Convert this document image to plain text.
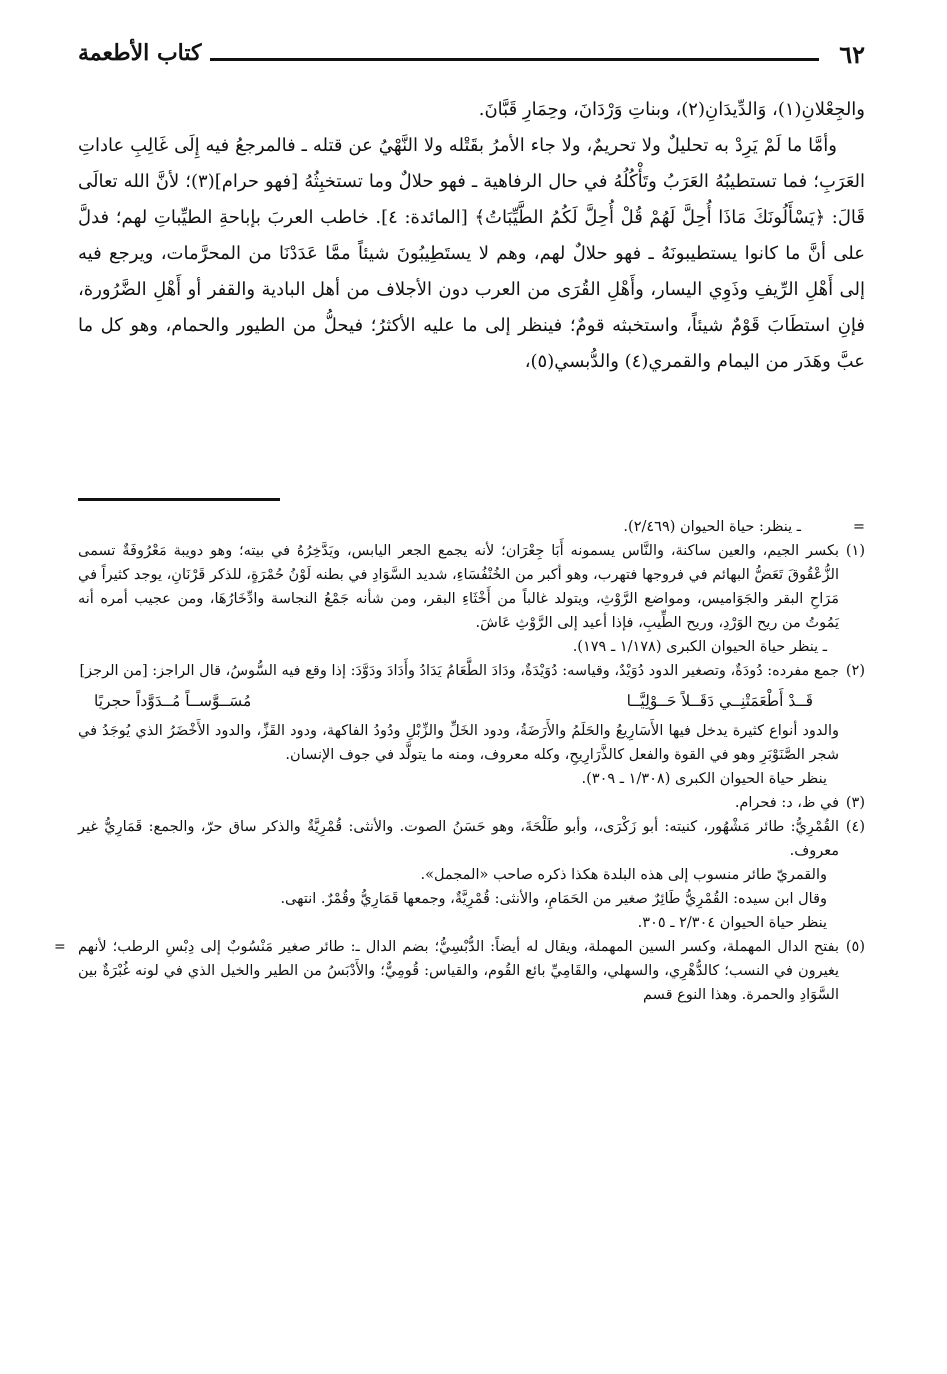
٦٢
كتاب الأطعمة

والجِعْلانِ(١)، وَالدِّيدَانِ(٢)، وبناتِ وَرْدَانَ، وحِمَارِ قَبَّانَ.

وأمَّا ما لَمْ يَرِدْ به تحليلٌ ولا تحريمٌ، ولا جاء الأمرُ بقَتْله ولا النَّهْيُ عن قتله ـ فالمرجعُ فيه إِلَى غَالِبِ عاداتِ العَرَبِ؛ فما تستطيبُهُ العَرَبُ وتَأْكُلُهُ في حال الرفاهية ـ فهو حلالٌ وما تستخبِثُهُ [فهو حرام](٣)؛ لأنَّ الله تعالَى قَالَ: ﴿يَسْأَلُونَكَ مَاذَا أُحِلَّ لَهُمْ قُلْ أُحِلَّ لَكُمُ الطَّيِّبَاتُ﴾ [المائدة: ٤]. خاطب العربَ بإباحةِ الطيِّباتِ لهم؛ فدلَّ على أنَّ ما كانوا يستطيبونَهُ ـ فهو حلالٌ لهم، وهم لا يستَطِيبُونَ شيئاً ممَّا عَدَدْنَا من المحرَّمات، ويرجع فيه إلى أَهْلِ الرِّيفِ وذَوِي اليسار، وأَهْلِ القُرَى من العرب دون الأجلاف من أهل البادية والقفر أو أَهْلِ الضَّرُورة، فإنِ استطَابَ قَوْمٌ شيئاً، واستخبثه قومٌ؛ فينظر إلى ما عليه الأكثرُ؛ فيحلُّ من الطيور والحمام، وهو كل ما عبَّ وهَدَر من اليمام والقمري(٤) والدُّبسي(٥)،

=
ـ ينظر: حياة الحيوان (٢/٤٦٩).

(١)
بكسر الجيم، والعين ساكنة، والنَّاس يسمونه أَبَا جِعْرَان؛ لأنه يجمع الجعر اليابس، ويَدَّخِرُهُ في بيته؛ وهو دويبة مَعْرُوفَةٌ تسمى الزُّعْقُوقَ تَعَضُّ البهائم في فروجها فتهرب، وهو أكبر من الخُنْفُسَاءِ، شديد السَّوَادِ في بطنه لَوْنُ حُمْرَةٍ، للذكر قَرْنَانِ، يوجد كثيراً في مَرَاحِ البقر والجَوَاميس، ومواضع الرَّوْثِ، ويتولد غالباً من أَخْثَاءِ البقر، ومن شأنه جَمْعُ النجاسة وادِّخَارُهَا، ومن عجيب أمره أنه يَمُوتُ من ريح الوَرْدِ، وريح الطِّيبِ، فإذا أعيد إلى الرَّوْثِ عَاشَ.

ـ ينظر حياة الحيوان الكبرى (١/١٧٨ ـ ١٧٩).

(٢)
جمع مفرده: دُودَةٌ، وتصغير الدود دُوَيْدٌ، وقياسه: دُوَيْدَةٌ، ودَادَ الطَّعَامُ يَدَادُ وأَدَادَ ودَوَّدَ: إذا وقع فيه السُّوسُ، قال الراجز: [من الرجز]

قَــدْ أَطْعَمَتْنِــي دَقَــلاً حَــوْلِيَّــا
مُسَــوَّســاً مُــدَوَّداً حجريًا

والدود أنواع كثيرة يدخل فيها الأَسَارِيعُ والحَلَمُ والأَرَضَةُ، ودود الخَلِّ والزِّبْلِ ودُودُ الفاكهة، ودود القَزِّ، والدود الأَخْضَرُ الذي يُوجَدُ في شجر الصَّنَوْبَرِ وهو في القوة والفعل كالذَّرَارِيحِ، وكله معروف، ومنه ما يتولَّد في جوف الإنسان.

ينظر حياة الحيوان الكبرى (١/٣٠٨ ـ ٣٠٩).

(٣)
في ظ، د: فحرام.

(٤)
القُمْرِيُّ: طائر مَشْهُور، كنيته: أبو زَكْرَى،، وأبو طَلْحَةَ، وهو حَسَنُ الصوت. والأنثى: قُمْرِيَّةٌ والذكر ساق حرّ، والجمع: قَمَارِيُّ غير معروف.

والقمريّ طائر منسوب إلى هذه البلدة هكذا ذكره صاحب «المجمل».

وقال ابن سيده: القُمْرِيُّ طَائِرٌ صغير من الحَمَامِ، والأنثى: قُمْرِيَّةٌ، وجمعها قَمَارِيُّ وقُمْرٌ. انتهى.

ينظر حياة الحيوان ٢/٣٠٤ ـ ٣٠٥.

(٥)
بفتح الدال المهملة، وكسر السين المهملة، ويقال له أيضاً: الدُّبْسِيُّ؛ بضم الدال ـ: طائر صغير مَنْسُوبٌ إلى دِبْسِ الرطب؛ لأنهم يغيرون في النسب؛ كالدُّهْرِي، والسهلي، والقَامِيِّ بائع القُوم، والقياس: قُومِيٌّ؛ والأَدْبَسُ من الطير والخيل الذي في لونه غُبْرَةٌ بين السَّوَادِ والحمرة. وهذا النوع قسم
=
